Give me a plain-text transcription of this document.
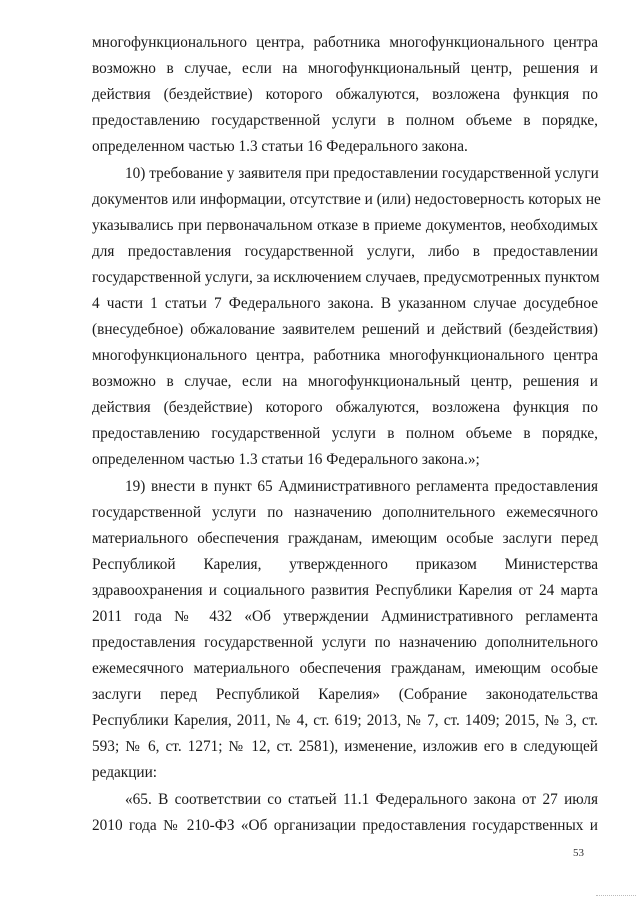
многофункционального центра, работника многофункционального центра
возможно в случае, если на многофункциональный центр, решения и
действия (бездействие) которого обжалуются, возложена функция по
предоставлению государственной услуги в полном объеме в порядке,
определенном частью 1.3 статьи 16 Федерального закона.
10) требование у заявителя при предоставлении государственной услуги
документов или информации, отсутствие и (или) недостоверность которых не
указывались при первоначальном отказе в приеме документов, необходимых
для предоставления государственной услуги, либо в предоставлении
государственной услуги, за исключением случаев, предусмотренных пунктом
4 части 1 статьи 7 Федерального закона. В указанном случае досудебное
(внесудебное) обжалование заявителем решений и действий (бездействия)
многофункционального центра, работника многофункционального центра
возможно в случае, если на многофункциональный центр, решения и
действия (бездействие) которого обжалуются, возложена функция по
предоставлению государственной услуги в полном объеме в порядке,
определенном частью 1.3 статьи 16 Федерального закона.»;
19) внести в пункт 65 Административного регламента предоставления
государственной услуги по назначению дополнительного ежемесячного
материального обеспечения гражданам, имеющим особые заслуги перед
Республикой Карелия, утвержденного приказом Министерства
здравоохранения и социального развития Республики Карелия от 24 марта
2011 года № 432 «Об утверждении Административного регламента
предоставления государственной услуги по назначению дополнительного
ежемесячного материального обеспечения гражданам, имеющим особые
заслуги перед Республикой Карелия» (Собрание законодательства
Республики Карелия, 2011, № 4, ст. 619; 2013, № 7, ст. 1409; 2015, № 3, ст.
593; № 6, ст. 1271; № 12, ст. 2581), изменение, изложив его в следующей
редакции:
«65. В соответствии со статьей 11.1 Федерального закона от 27 июля
2010 года № 210-ФЗ «Об организации предоставления государственных и
53
